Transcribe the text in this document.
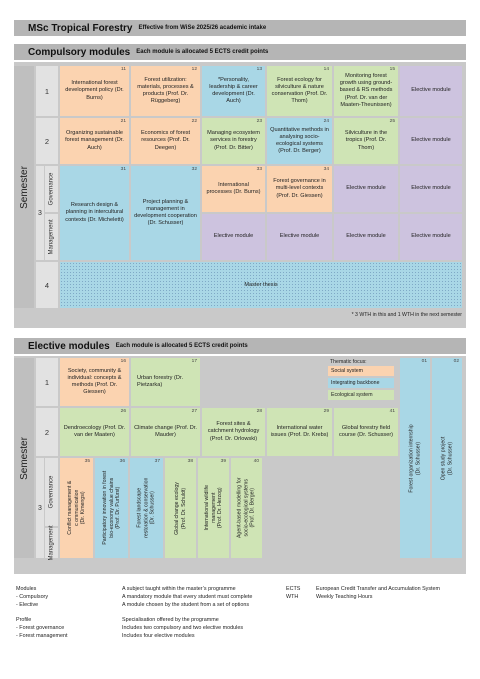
MSc Tropical Forestry Effective from WiSe 2025/26 academic intake
Compulsory modules Each module is allocated 5 ECTS credit points
Semester
1
2
3
Governance
Management
4
11
International forest development policy (Dr. Burns)
12
Forest utilization: materials, processes & products (Prof. Dr. Rüggeberg)
13
*Personality, leadership & career development (Dr. Auch)
14
Forest ecology for silviculture & nature conservation (Prof. Dr. Thom)
15
Monitoring forest growth using ground-based & RS methods (Prof. Dr. van der Maaten-Theunissen)
Elective module
21
Organizing sustainable forest management (Dr. Auch)
22
Economics of forest resources (Prof. Dr. Deegen)
23
Managing ecosystem services in forestry (Prof. Dr. Bitter)
24
Quantitative methods in analysing socio-ecological systems (Prof. Dr. Berger)
25
Silviculture in the tropics (Prof. Dr. Thom)
Elective module
31
Research design & planning in intercultural contexts (Dr. Micheletti)
32
Project planning & management in development cooperation (Dr. Schusser)
33
International processes (Dr. Burns)
34
Forest governance in multi-level contexts (Prof. Dr. Giessen)
Elective module	Elective module
Elective module	Elective module	Elective module	Elective module
Master thesis
* 3 WTH in this and 1 WTH in the next semester
Elective modules Each module is allocated 5 ECTS credit points
Semester
1
2
3	Governance
Management
16
Society, community & individual: concepts & methods (Prof. Dr. Giessen)
17
Urban forestry (Dr. Pietzarka)
Thematic focus:
Social system
Integrating backbone
Ecological system
26
Dendroecology (Prof. Dr. van der Maaten)
27
Climate change (Prof. Dr. Mauder)
28
Forest sites & catchment hydrology (Prof. Dr. Orlowski)
29
International water issues (Prof. Dr. Krebs)
41
Global forestry field course (Dr. Schusser)
35
Conflict management &
c ommunication
(Dr. Kimengsi)
36
Participatory innovation in forest
bio-economy value chains
(Prof. Dr. Purfürst)
37
Forest landscape
restoration & conservation
(Dr. Schusser)
38
Global change ecology
(Prof. Dr. Schuldt)
39
International wildlife
management
(Prof. Dr. Herzog)
40
Agent-based modelling for
socio-ecological systems
(Prof. Dr. Berger)
01
Forest organization internship
(Dr. Schusser)
02
Open study project
(Dr. Schusser)
Modules	A subject taught within the master’s programme
- Compulsory	A mandatory module that every student must complete
- Elective	A module chosen by the student from a set of options
ECTS	European Credit Transfer and Accumulation System
WTH	Weekly Teaching Hours
Profile	Specialisation offered by the programme
- Forest governance	Includes two compulsory and two elective modules
- Forest management	Includes four elective modules
